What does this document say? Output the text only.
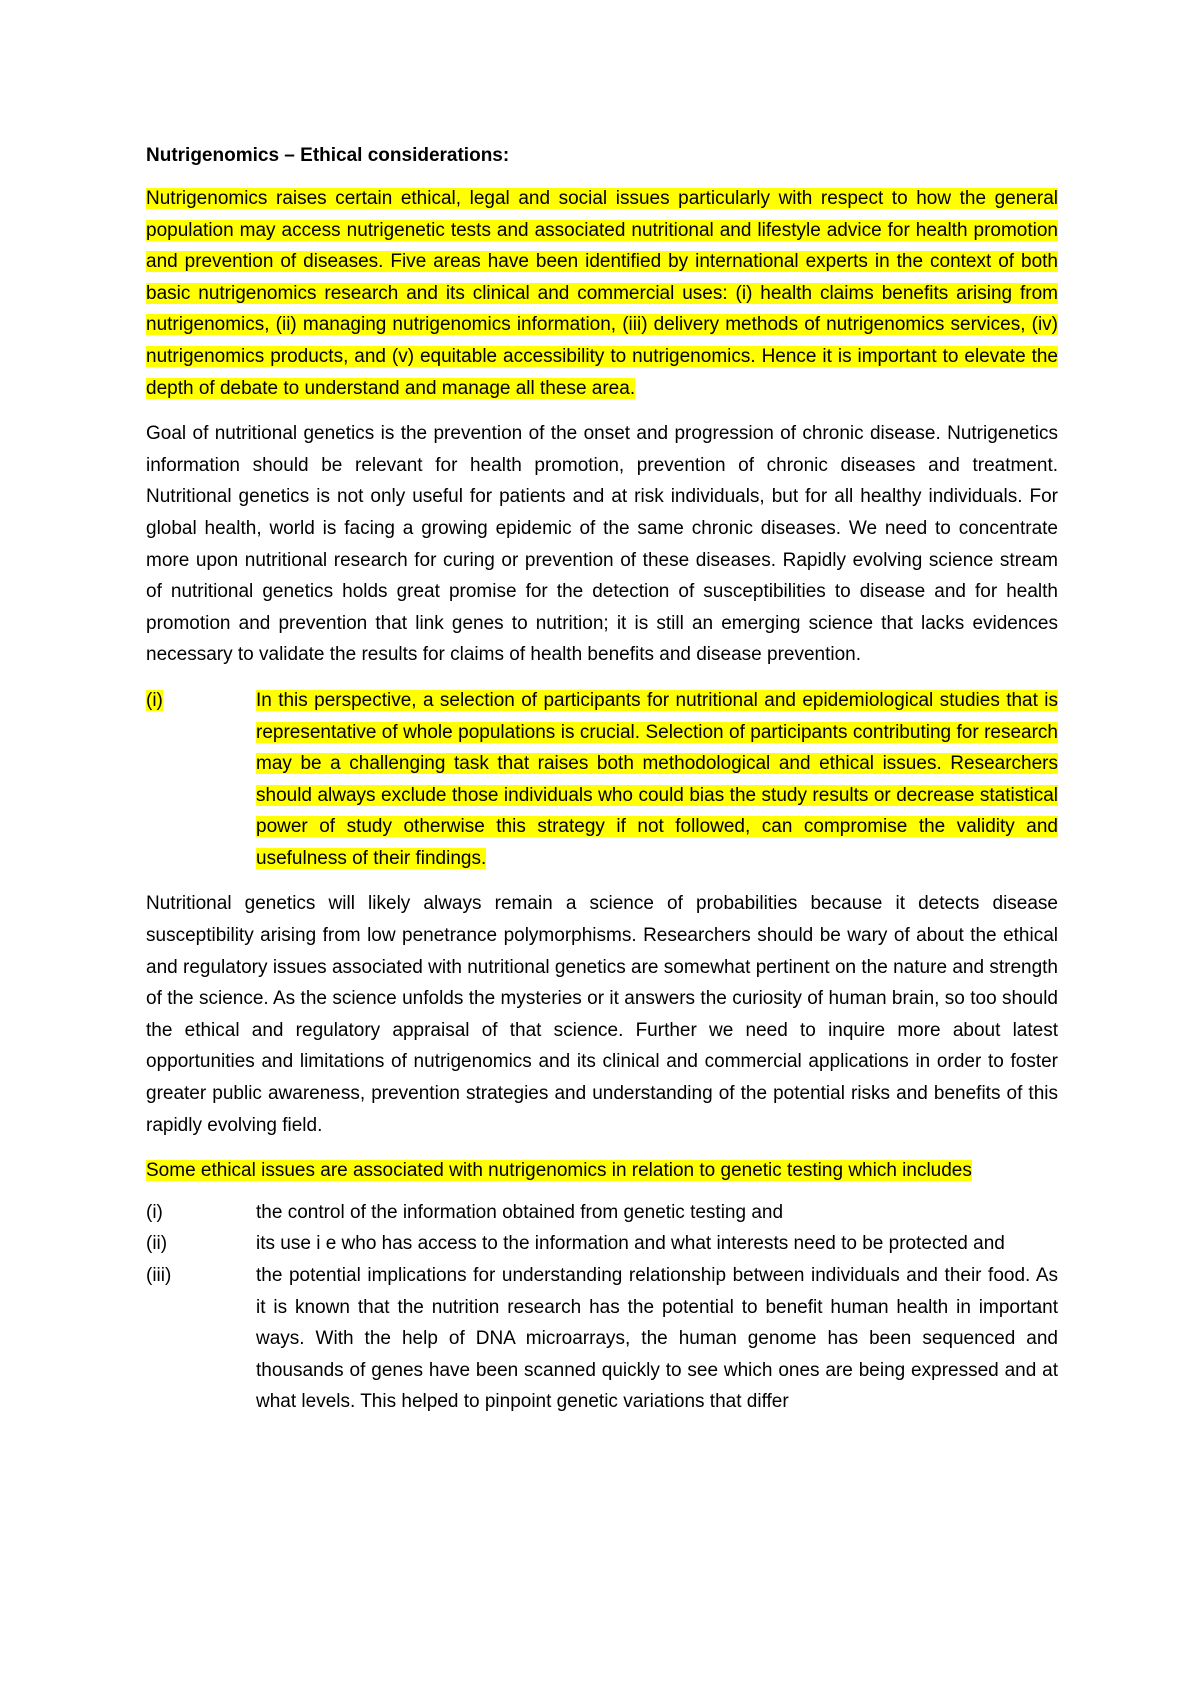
Nutrigenomics – Ethical considerations:

Nutrigenomics raises certain ethical, legal and social issues particularly with respect to how the general population may access nutrigenetic tests and associated nutritional and lifestyle advice for health promotion and prevention of diseases. Five areas have been identified by international experts in the context of both basic nutrigenomics research and its clinical and commercial uses: (i) health claims benefits arising from nutrigenomics, (ii) managing nutrigenomics information, (iii) delivery methods of nutrigenomics services, (iv) nutrigenomics products, and (v) equitable accessibility to nutrigenomics. Hence it is important to elevate the depth of debate to understand and manage all these area.

Goal of nutritional genetics is the prevention of the onset and progression of chronic disease. Nutrigenetics information should be relevant for health promotion, prevention of chronic diseases and treatment. Nutritional genetics is not only useful for patients and at risk individuals, but for all healthy individuals. For global health, world is facing a growing epidemic of the same chronic diseases. We need to concentrate more upon nutritional research for curing or prevention of these diseases. Rapidly evolving science stream of nutritional genetics holds great promise for the detection of susceptibilities to disease and for health promotion and prevention that link genes to nutrition; it is still an emerging science that lacks evidences necessary to validate the results for claims of health benefits and disease prevention.

(i)	In this perspective, a selection of participants for nutritional and epidemiological studies that is representative of whole populations is crucial. Selection of participants contributing for research may be a challenging task that raises both methodological and ethical issues. Researchers should always exclude those individuals who could bias the study results or decrease statistical power of study otherwise this strategy if not followed, can compromise the validity and usefulness of their findings.

Nutritional genetics will likely always remain a science of probabilities because it detects disease susceptibility arising from low penetrance polymorphisms. Researchers should be wary of about the ethical and regulatory issues associated with nutritional genetics are somewhat pertinent on the nature and strength of the science. As the science unfolds the mysteries or it answers the curiosity of human brain, so too should the ethical and regulatory appraisal of that science. Further we need to inquire more about latest opportunities and limitations of nutrigenomics and its clinical and commercial applications in order to foster greater public awareness, prevention strategies and understanding of the potential risks and benefits of this rapidly evolving field.

Some ethical issues are associated with nutrigenomics in relation to genetic testing which includes

(i)	the control of the information obtained from genetic testing and
(ii)	its use i e who has access to the information and what interests need to be protected and
(iii)	the potential implications for understanding relationship between individuals and their food. As it is known that the nutrition research has the potential to benefit human health in important ways. With the help of DNA microarrays, the human genome has been sequenced and thousands of genes have been scanned quickly to see which ones are being expressed and at what levels. This helped to pinpoint genetic variations that differ
